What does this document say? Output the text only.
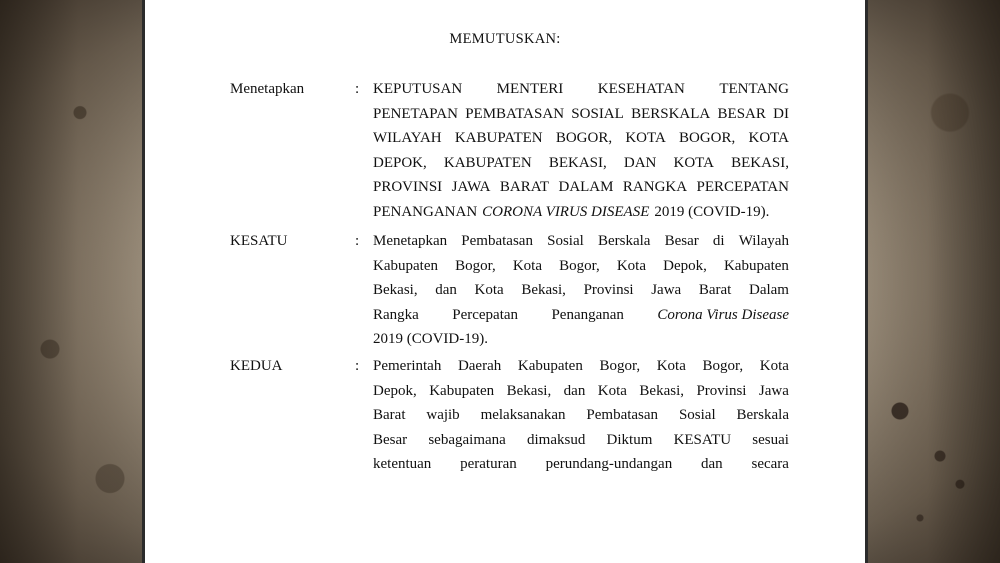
MEMUTUSKAN:
Menetapkan	: KEPUTUSAN MENTERI KESEHATAN TENTANG
PENETAPAN PEMBATASAN SOSIAL BERSKALA BESAR DI
WILAYAH KABUPATEN BOGOR, KOTA BOGOR, KOTA
DEPOK, KABUPATEN BEKASI, DAN KOTA BEKASI,
PROVINSI JAWA BARAT DALAM RANGKA PERCEPATAN
PENANGANAN CORONA VIRUS DISEASE 2019 (COVID-19).
KESATU	: Menetapkan Pembatasan Sosial Berskala Besar di Wilayah
Kabupaten Bogor, Kota Bogor, Kota Depok, Kabupaten
Bekasi, dan Kota Bekasi, Provinsi Jawa Barat Dalam
Rangka Percepatan Penanganan Corona Virus Disease
2019 (COVID-19).
KEDUA	: Pemerintah Daerah Kabupaten Bogor, Kota Bogor, Kota
Depok, Kabupaten Bekasi, dan Kota Bekasi, Provinsi Jawa
Barat wajib melaksanakan Pembatasan Sosial Berskala
Besar sebagaimana dimaksud Diktum KESATU sesuai
ketentuan peraturan perundang-undangan dan secara
